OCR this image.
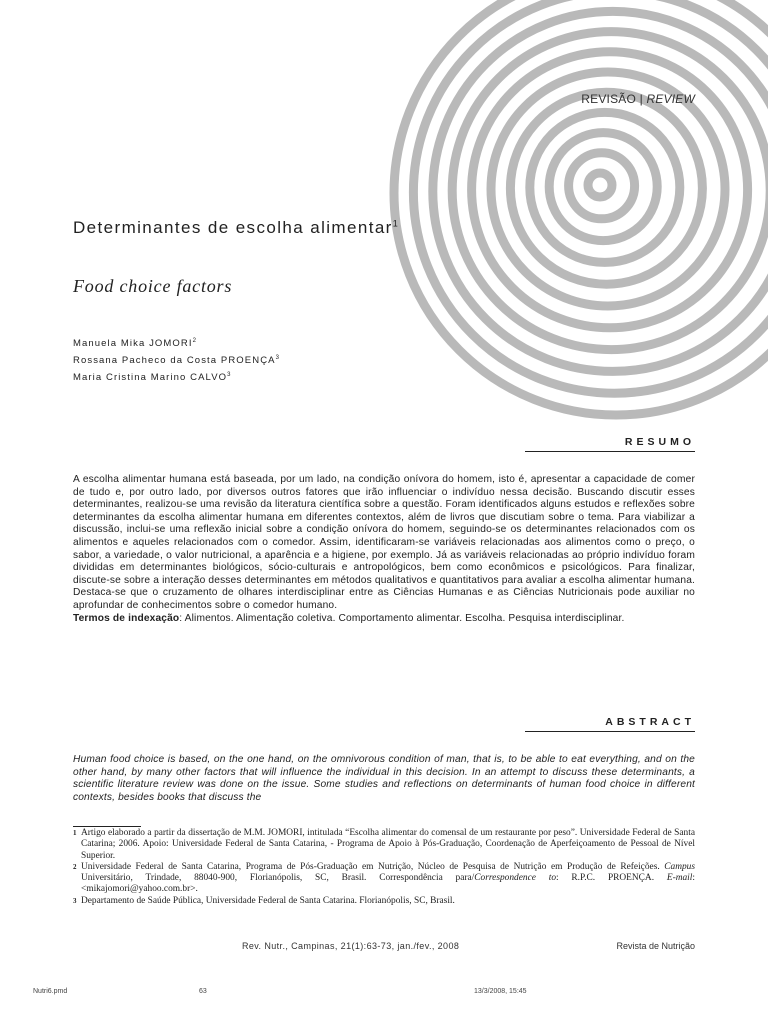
REVISÃO | REVIEW
Determinantes de escolha alimentar$^1$
Food choice factors
Manuela Mika JOMORI$^2$
Rossana Pacheco da Costa PROENÇA$^3$
Maria Cristina Marino CALVO$^3$
RESUMO
A escolha alimentar humana está baseada, por um lado, na condição onívora do homem, isto é, apresentar a capacidade de comer de tudo e, por outro lado, por diversos outros fatores que irão influenciar o indivíduo nessa decisão. Buscando discutir esses determinantes, realizou-se uma revisão da literatura científica sobre a questão. Foram identificados alguns estudos e reflexões sobre determinantes da escolha alimentar humana em diferentes contextos, além de livros que discutiam sobre o tema. Para viabilizar a discussão, inclui-se uma reflexão inicial sobre a condição onívora do homem, seguindo-se os determinantes relacionados com os alimentos e aqueles relacionados com o comedor. Assim, identificaram-se variáveis relacionadas aos alimentos como o preço, o sabor, a variedade, o valor nutricional, a aparência e a higiene, por exemplo. Já as variáveis relacionadas ao próprio indivíduo foram divididas em determinantes biológicos, sócio-culturais e antropológicos, bem como econômicos e psicológicos. Para finalizar, discute-se sobre a interação desses determinantes em métodos qualitativos e quantitativos para avaliar a escolha alimentar humana. Destaca-se que o cruzamento de olhares interdisciplinar entre as Ciências Humanas e as Ciências Nutricionais pode auxiliar no aprofundar de conhecimentos sobre o comedor humano.
Termos de indexação: Alimentos. Alimentação coletiva. Comportamento alimentar. Escolha. Pesquisa interdisciplinar.
ABSTRACT
Human food choice is based, on the one hand, on the omnivorous condition of man, that is, to be able to eat everything, and on the other hand, by many other factors that will influence the individual in this decision. In an attempt to discuss these determinants, a scientific literature review was done on the issue. Some studies and reflections on determinants of human food choice in different contexts, besides books that discuss the
1 Artigo elaborado a partir da dissertação de M.M. JOMORI, intitulada “Escolha alimentar do comensal de um restaurante por peso”. Universidade Federal de Santa Catarina; 2006. Apoio: Universidade Federal de Santa Catarina, - Programa de Apoio à Pós-Graduação, Coordenação de Aperfeiçoamento de Pessoal de Nível Superior.
2 Universidade Federal de Santa Catarina, Programa de Pós-Graduação em Nutrição, Núcleo de Pesquisa de Nutrição em Produção de Refeições. Campus Universitário, Trindade, 88040-900, Florianópolis, SC, Brasil. Correspondência para/Correspondence to: R.P.C. PROENÇA. E-mail: <mikajomori@yahoo.com.br>.
3 Departamento de Saúde Pública, Universidade Federal de Santa Catarina. Florianópolis, SC, Brasil.
Rev. Nutr., Campinas, 21(1):63-73, jan./fev., 2008	Revista de Nutrição
Nutri6.pmd	63	13/3/2008, 15:45
